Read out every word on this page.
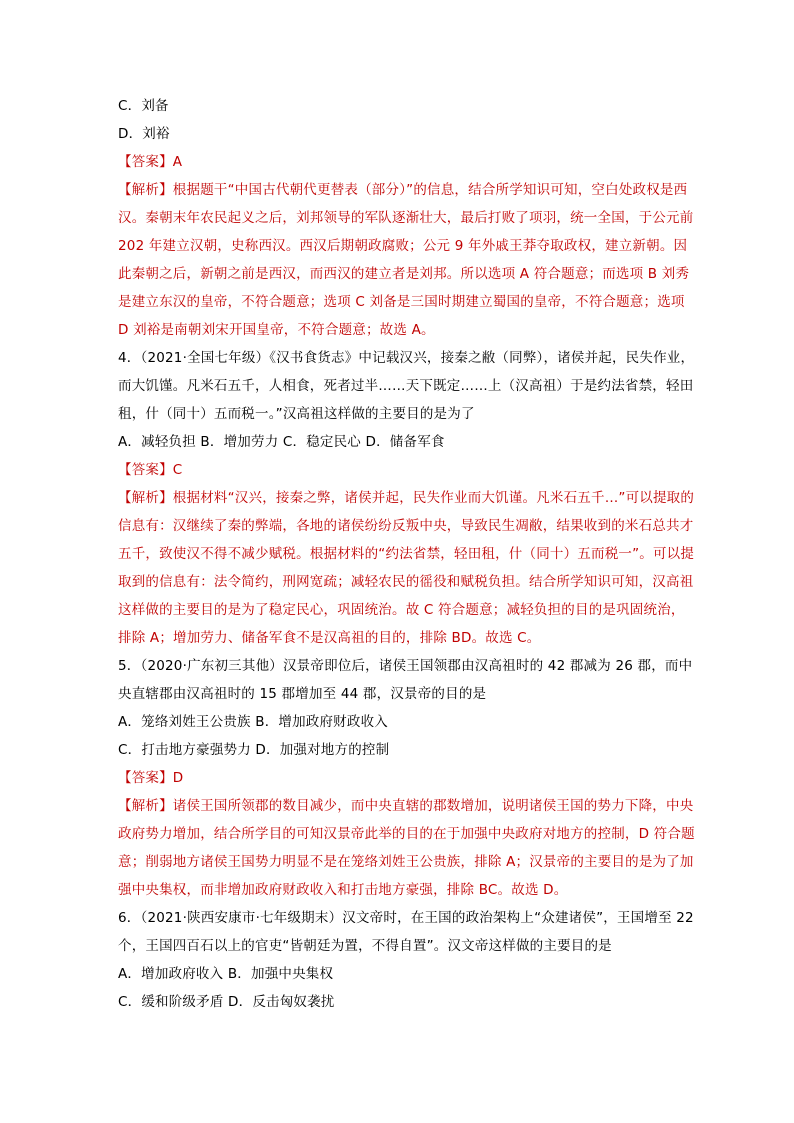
C．刘备
D．刘裕
【答案】A
【解析】根据题干“中国古代朝代更替表（部分）”的信息，结合所学知识可知，空白处政权是西汉。秦朝末年农民起义之后，刘邦领导的军队逐渐壮大，最后打败了项羽，统一全国，于公元前 202 年建立汉朝，史称西汉。西汉后期朝政腐败；公元 9 年外戚王莽夺取政权，建立新朝。因此秦朝之后，新朝之前是西汉，而西汉的建立者是刘邦。所以选项 A 符合题意；而选项 B 刘秀是建立东汉的皇帝，不符合题意；选项 C 刘备是三国时期建立蜀国的皇帝，不符合题意；选项 D 刘裕是南朝刘宋开国皇帝，不符合题意；故选 A。
4．（2021·全国七年级）《汉书食货志》中记载汉兴，接秦之敝（同弊），诸侯并起，民失作业，而大饥馑。凡米石五千，人相食，死者过半……天下既定……上（汉高祖）于是约法省禁，轻田租，什（同十）五而税一。”汉高祖这样做的主要目的是为了
A．减轻负担 B．增加劳力 C．稳定民心 D．储备军食
【答案】C
【解析】根据材料“汉兴，接秦之弊，诸侯并起，民失作业而大饥谨。凡米石五千…”可以提取的信息有：汉继续了秦的弊端，各地的诸侯纷纷反叛中央，导致民生凋敝，结果收到的米石总共才五千，致使汉不得不减少赋税。根据材料的“约法省禁，轻田租，什（同十）五而税一”。可以提取到的信息有：法令简约，刑网宽疏；减轻农民的徭役和赋税负担。结合所学知识可知，汉高祖这样做的主要目的是为了稳定民心，巩固统治。故 C 符合题意；减轻负担的目的是巩固统治，排除 A；增加劳力、储备军食不是汉高祖的目的，排除 BD。故选 C。
5．（2020·广东初三其他）汉景帝即位后，诸侯王国领郡由汉高祖时的 42 郡减为 26 郡，而中央直辖郡由汉高祖时的 15 郡增加至 44 郡，汉景帝的目的是
A．笼络刘姓王公贵族 B．增加政府财政收入
C．打击地方豪强势力 D．加强对地方的控制
【答案】D
【解析】诸侯王国所领郡的数目减少，而中央直辖的郡数增加，说明诸侯王国的势力下降，中央政府势力增加，结合所学目的可知汉景帝此举的目的在于加强中央政府对地方的控制，D 符合题意；削弱地方诸侯王国势力明显不是在笼络刘姓王公贵族，排除 A；汉景帝的主要目的是为了加强中央集权，而非增加政府财政收入和打击地方豪强，排除 BC。故选 D。
6．（2021·陕西安康市·七年级期末）汉文帝时，在王国的政治架构上“众建诸侯”，王国增至 22 个，王国四百石以上的官吏“皆朝廷为置，不得自置”。汉文帝这样做的主要目的是
A．增加政府收入 B．加强中央集权
C．缓和阶级矛盾 D．反击匈奴袭扰
